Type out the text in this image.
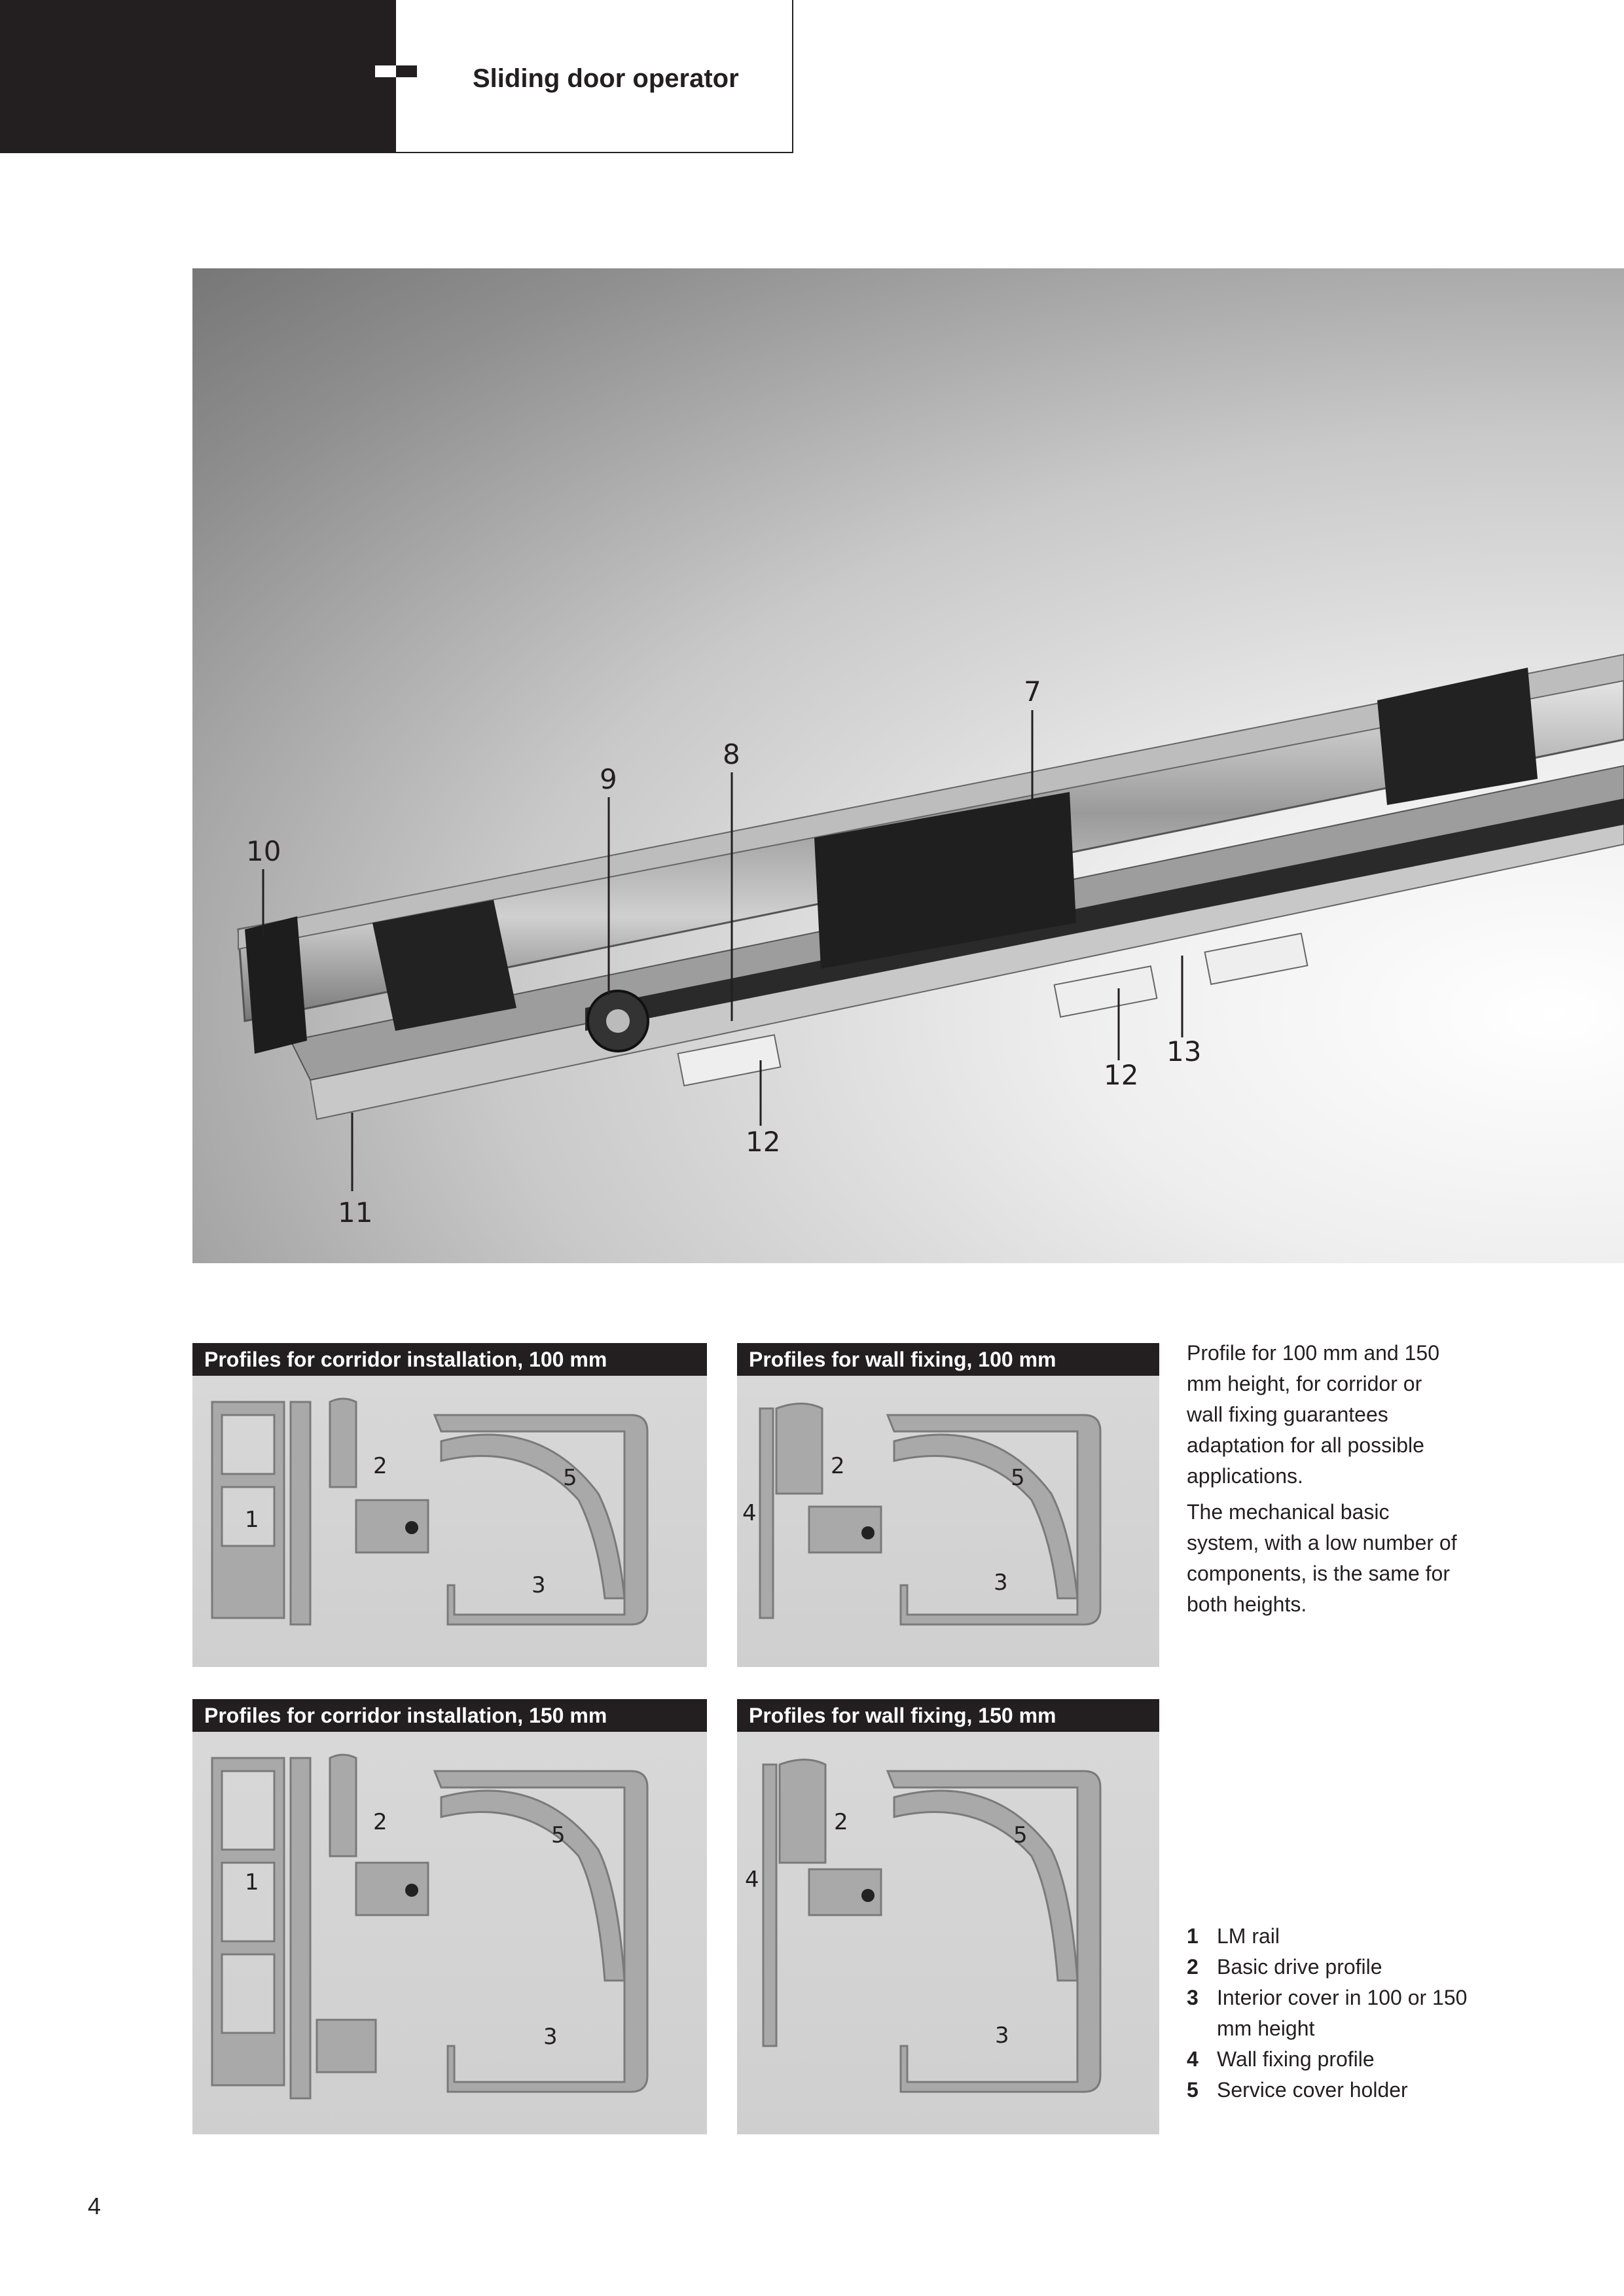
DORMA ES 200 Easy	Sliding door operator
7
8
9
10
11
12
12
13
Profiles for corridor installation, 100 mm
2	5
1
3
Profiles for wall fixing, 100 mm
2	5
4
3
Profiles for corridor installation, 150 mm
2	5
1
3
Profiles for wall fixing, 150 mm
2	5
4
3

Profile for 100 mm and 150 mm height, for corridor or wall fixing guarantees adaptation for all possible applications.

The mechanical basic system, with a low number of components, is the same for both heights.

1 LM rail
2 Basic drive profile
3 Interior cover in 100 or 150 mm height
4 Wall fixing profile
5 Service cover holder
4
